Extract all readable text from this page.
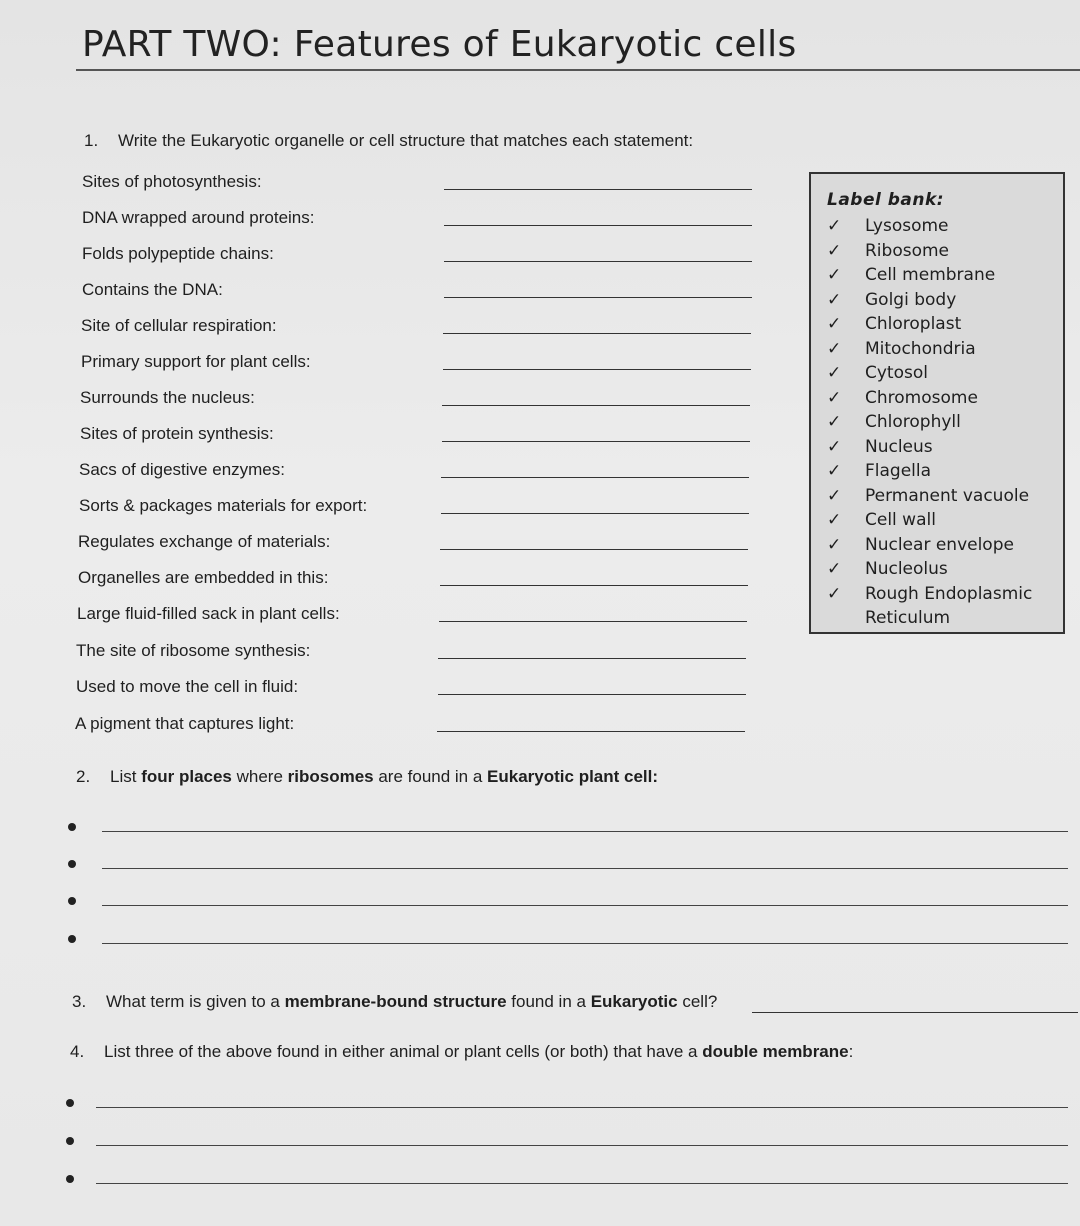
PART TWO: Features of Eukaryotic cells
1. Write the Eukaryotic organelle or cell structure that matches each statement:
Sites of photosynthesis:
DNA wrapped around proteins:
Folds polypeptide chains:
Contains the DNA:
Site of cellular respiration:
Primary support for plant cells:
Surrounds the nucleus:
Sites of protein synthesis:
Sacs of digestive enzymes:
Sorts & packages materials for export:
Regulates exchange of materials:
Organelles are embedded in this:
Large fluid-filled sack in plant cells:
The site of ribosome synthesis:
Used to move the cell in fluid:
A pigment that captures light:
Label bank:
✓ Lysosome
✓ Ribosome
✓ Cell membrane
✓ Golgi body
✓ Chloroplast
✓ Mitochondria
✓ Cytosol
✓ Chromosome
✓ Chlorophyll
✓ Nucleus
✓ Flagella
✓ Permanent vacuole
✓ Cell wall
✓ Nuclear envelope
✓ Nucleolus
✓ Rough Endoplasmic
Reticulum
2. List four places where ribosomes are found in a Eukaryotic plant cell:
3. What term is given to a membrane-bound structure found in a Eukaryotic cell?
4. List three of the above found in either animal or plant cells (or both) that have a double membrane:
